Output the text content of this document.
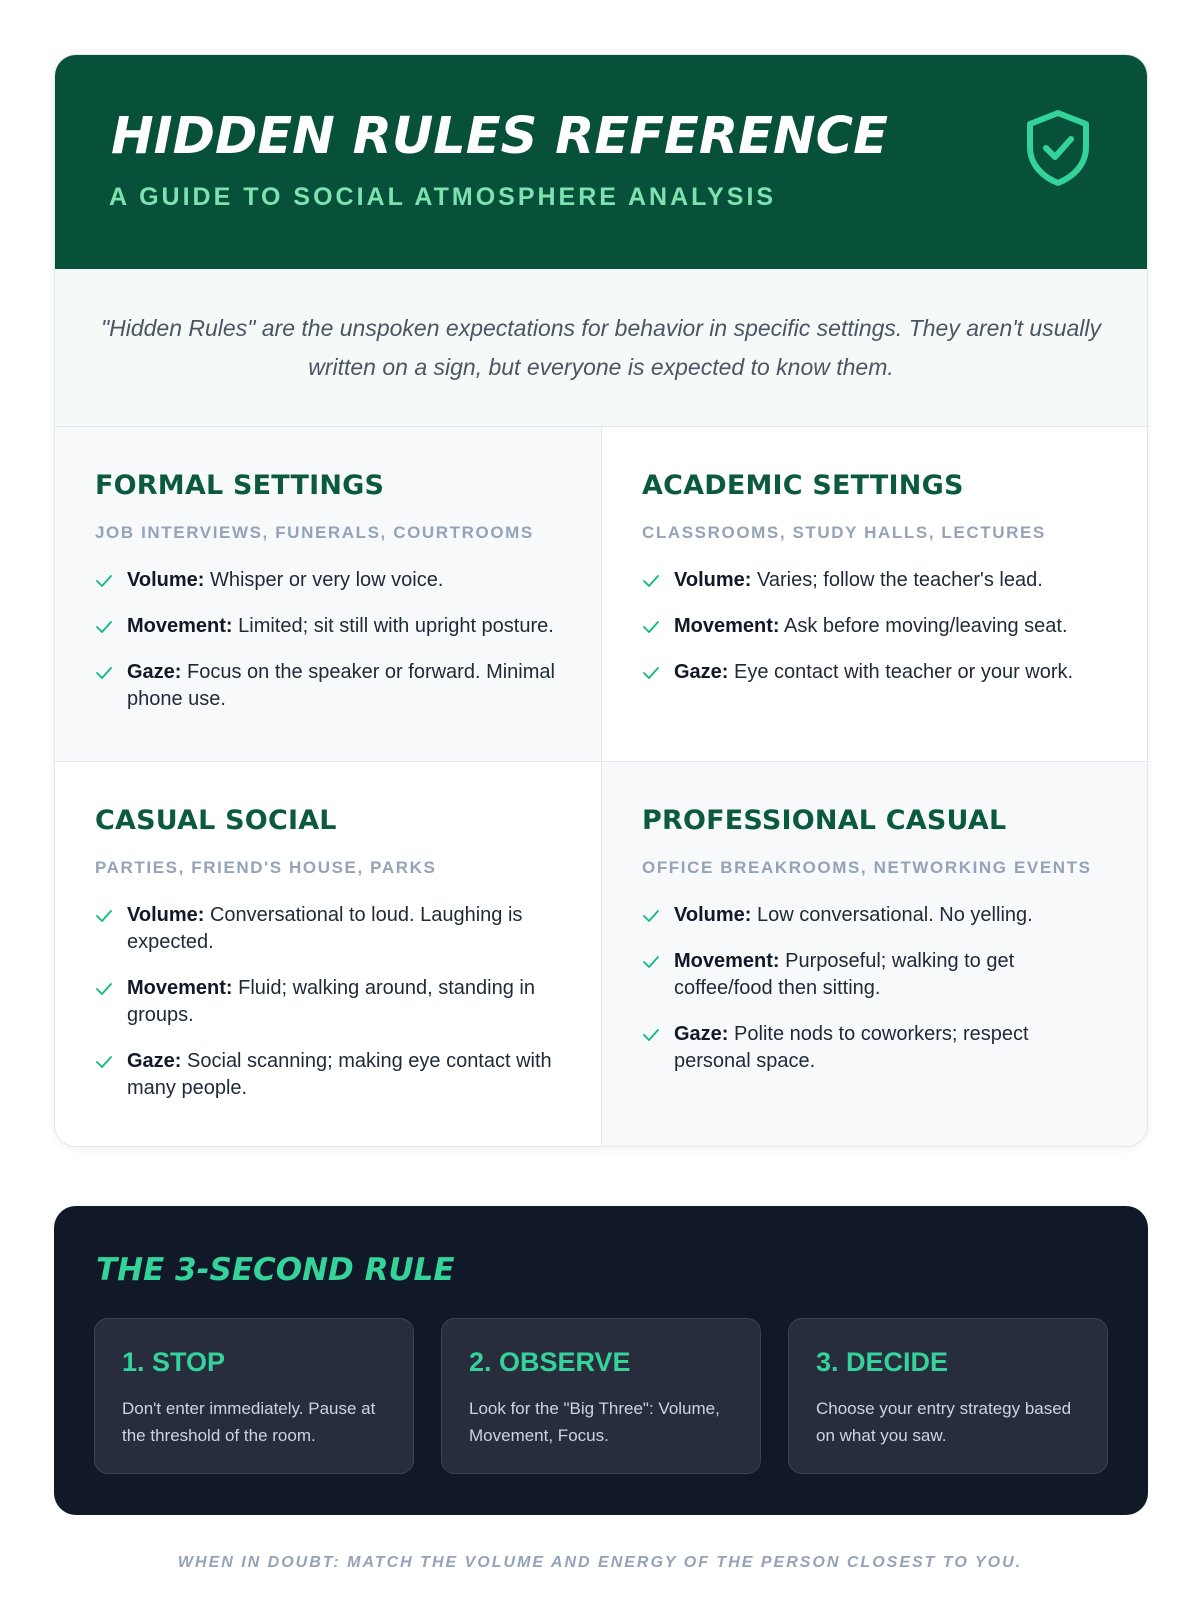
HIDDEN RULES REFERENCE
A GUIDE TO SOCIAL ATMOSPHERE ANALYSIS
"Hidden Rules" are the unspoken expectations for behavior in specific settings. They aren't usually written on a sign, but everyone is expected to know them.
FORMAL SETTINGS
JOB INTERVIEWS, FUNERALS, COURTROOMS
Volume: Whisper or very low voice.
Movement: Limited; sit still with upright posture.
Gaze: Focus on the speaker or forward. Minimal phone use.
ACADEMIC SETTINGS
CLASSROOMS, STUDY HALLS, LECTURES
Volume: Varies; follow the teacher's lead.
Movement: Ask before moving/leaving seat.
Gaze: Eye contact with teacher or your work.
CASUAL SOCIAL
PARTIES, FRIEND'S HOUSE, PARKS
Volume: Conversational to loud. Laughing is expected.
Movement: Fluid; walking around, standing in groups.
Gaze: Social scanning; making eye contact with many people.
PROFESSIONAL CASUAL
OFFICE BREAKROOMS, NETWORKING EVENTS
Volume: Low conversational. No yelling.
Movement: Purposeful; walking to get coffee/food then sitting.
Gaze: Polite nods to coworkers; respect personal space.
THE 3-SECOND RULE
1. STOP
Don't enter immediately. Pause at the threshold of the room.
2. OBSERVE
Look for the "Big Three": Volume, Movement, Focus.
3. DECIDE
Choose your entry strategy based on what you saw.
WHEN IN DOUBT: MATCH THE VOLUME AND ENERGY OF THE PERSON CLOSEST TO YOU.
